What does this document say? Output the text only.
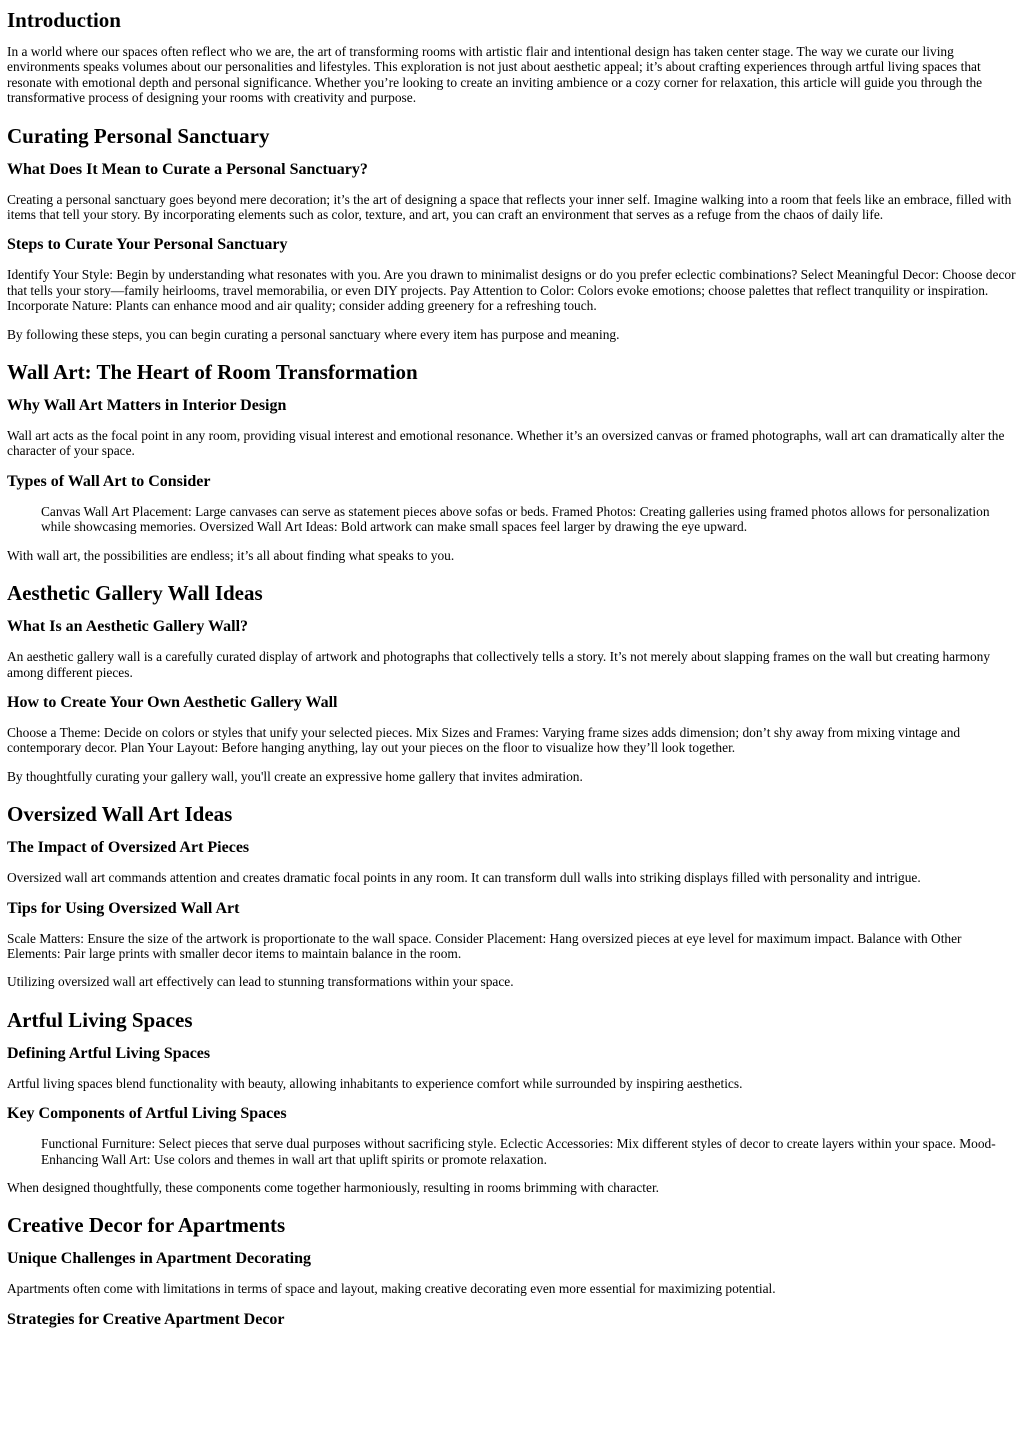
Introduction

In a world where our spaces often reflect who we are, the art of transforming rooms with artistic flair and intentional design has taken center stage. The way we curate our living environments speaks volumes about our personalities and lifestyles. This exploration is not just about aesthetic appeal; it’s about crafting experiences through artful living spaces that resonate with emotional depth and personal significance. Whether you’re looking to create an inviting ambience or a cozy corner for relaxation, this article will guide you through the transformative process of designing your rooms with creativity and purpose.

Curating Personal Sanctuary
What Does It Mean to Curate a Personal Sanctuary?

Creating a personal sanctuary goes beyond mere decoration; it’s the art of designing a space that reflects your inner self. Imagine walking into a room that feels like an embrace, filled with items that tell your story. By incorporating elements such as color, texture, and art, you can craft an environment that serves as a refuge from the chaos of daily life.

Steps to Curate Your Personal Sanctuary

Identify Your Style: Begin by understanding what resonates with you. Are you drawn to minimalist designs or do you prefer eclectic combinations? Select Meaningful Decor: Choose decor that tells your story—family heirlooms, travel memorabilia, or even DIY projects. Pay Attention to Color: Colors evoke emotions; choose palettes that reflect tranquility or inspiration. Incorporate Nature: Plants can enhance mood and air quality; consider adding greenery for a refreshing touch.

By following these steps, you can begin curating a personal sanctuary where every item has purpose and meaning.

Wall Art: The Heart of Room Transformation
Why Wall Art Matters in Interior Design

Wall art acts as the focal point in any room, providing visual interest and emotional resonance. Whether it’s an oversized canvas or framed photographs, wall art can dramatically alter the character of your space.

Types of Wall Art to Consider
Canvas Wall Art Placement: Large canvases can serve as statement pieces above sofas or beds. Framed Photos: Creating galleries using framed photos allows for personalization while showcasing memories. Oversized Wall Art Ideas: Bold artwork can make small spaces feel larger by drawing the eye upward.

With wall art, the possibilities are endless; it’s all about finding what speaks to you.

Aesthetic Gallery Wall Ideas
What Is an Aesthetic Gallery Wall?

An aesthetic gallery wall is a carefully curated display of artwork and photographs that collectively tells a story. It’s not merely about slapping frames on the wall but creating harmony among different pieces.

How to Create Your Own Aesthetic Gallery Wall

Choose a Theme: Decide on colors or styles that unify your selected pieces. Mix Sizes and Frames: Varying frame sizes adds dimension; don’t shy away from mixing vintage and contemporary decor. Plan Your Layout: Before hanging anything, lay out your pieces on the floor to visualize how they’ll look together.

By thoughtfully curating your gallery wall, you'll create an expressive home gallery that invites admiration.

Oversized Wall Art Ideas
The Impact of Oversized Art Pieces

Oversized wall art commands attention and creates dramatic focal points in any room. It can transform dull walls into striking displays filled with personality and intrigue.

Tips for Using Oversized Wall Art

Scale Matters: Ensure the size of the artwork is proportionate to the wall space. Consider Placement: Hang oversized pieces at eye level for maximum impact. Balance with Other Elements: Pair large prints with smaller decor items to maintain balance in the room.

Utilizing oversized wall art effectively can lead to stunning transformations within your space.

Artful Living Spaces
Defining Artful Living Spaces

Artful living spaces blend functionality with beauty, allowing inhabitants to experience comfort while surrounded by inspiring aesthetics.

Key Components of Artful Living Spaces
Functional Furniture: Select pieces that serve dual purposes without sacrificing style. Eclectic Accessories: Mix different styles of decor to create layers within your space. Mood-Enhancing Wall Art: Use colors and themes in wall art that uplift spirits or promote relaxation.

When designed thoughtfully, these components come together harmoniously, resulting in rooms brimming with character.

Creative Decor for Apartments
Unique Challenges in Apartment Decorating

Apartments often come with limitations in terms of space and layout, making creative decorating even more essential for maximizing potential.

Strategies for Creative Apartment Decor
